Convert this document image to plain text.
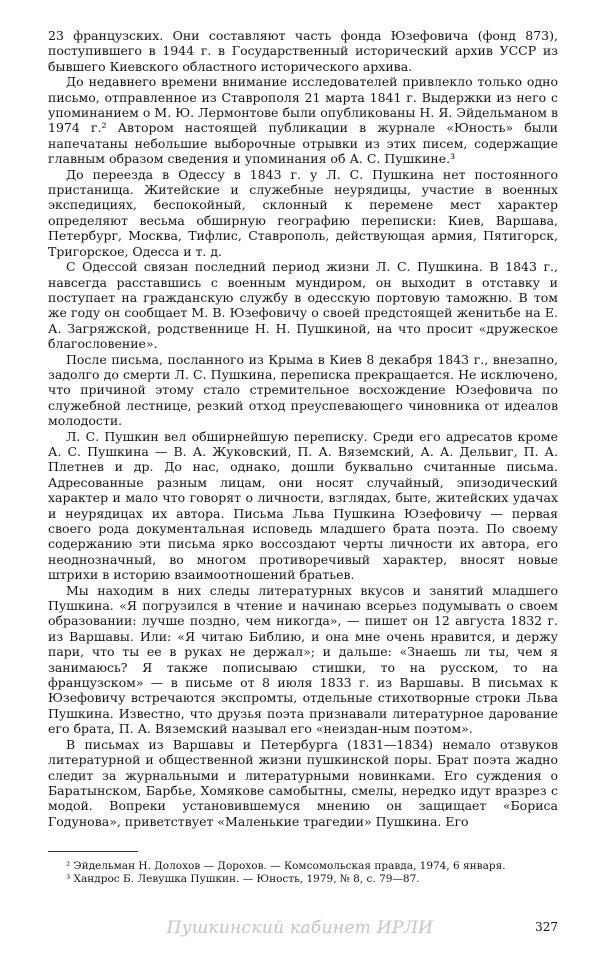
23 французских. Они составляют часть фонда Юзефовича (фонд 873), поступившего в 1944 г. в Государственный исторический архив УССР из бывшего Киевского областного исторического архива.

До недавнего времени внимание исследователей привлекло только одно письмо, отправленное из Ставрополя 21 марта 1841 г. Выдержки из него с упоминанием о М. Ю. Лермонтове были опубликованы Н. Я. Эйдельманом в 1974 г.² Автором настоящей публикации в журнале «Юность» были напечатаны небольшие выборочные отрывки из этих писем, содержащие главным образом сведения и упоминания об А. С. Пушкине.³

До переезда в Одессу в 1843 г. у Л. С. Пушкина нет постоянного пристанища. Житейские и служебные неурядицы, участие в военных экспедициях, беспокойный, склонный к перемене мест характер определяют весьма обширную географию переписки: Киев, Варшава, Петербург, Москва, Тифлис, Ставрополь, действующая армия, Пятигорск, Тригорское, Одесса и т. д.

С Одессой связан последний период жизни Л. С. Пушкина. В 1843 г., навсегда расставшись с военным мундиром, он выходит в отставку и поступает на гражданскую службу в одесскую портовую таможню. В том же году он сообщает М. В. Юзефовичу о своей предстоящей женитьбе на Е. А. Загряжской, родственнице Н. Н. Пушкиной, на что просит «дружеское благословение».

После письма, посланного из Крыма в Киев 8 декабря 1843 г., внезапно, задолго до смерти Л. С. Пушкина, переписка прекращается. Не исключено, что причиной этому стало стремительное восхождение Юзефовича по служебной лестнице, резкий отход преуспевающего чиновника от идеалов молодости.

Л. С. Пушкин вел обширнейшую переписку. Среди его адресатов кроме А. С. Пушкина — В. А. Жуковский, П. А. Вяземский, А. А. Дельвиг, П. А. Плетнев и др. До нас, однако, дошли буквально считанные письма. Адресованные разным лицам, они носят случайный, эпизодический характер и мало что говорят о личности, взглядах, быте, житейских удачах и неурядицах их автора. Письма Льва Пушкина Юзефовичу — первая своего рода документальная исповедь младшего брата поэта. По своему содержанию эти письма ярко воссоздают черты личности их автора, его неоднозначный, во многом противоречивый характер, вносят новые штрихи в историю взаимоотношений братьев.

Мы находим в них следы литературных вкусов и занятий младшего Пушкина. «Я погрузился в чтение и начинаю всерьез подумывать о своем образовании: лучше поздно, чем никогда», — пишет он 12 августа 1832 г. из Варшавы. Или: «Я читаю Библию, и она мне очень нравится, и держу пари, что ты ее в руках не держал»; и дальше: «Знаешь ли ты, чем я занимаюсь? Я также пописываю стишки, то на русском, то на французском» — в письме от 8 июля 1833 г. из Варшавы. В письмах к Юзефовичу встречаются экспромты, отдельные стихотворные строки Льва Пушкина. Известно, что друзья поэта признавали литературное дарование его брата, П. А. Вяземский называл его «неиздан-ным поэтом».

В письмах из Варшавы и Петербурга (1831—1834) немало отзвуков литературной и общественной жизни пушкинской поры. Брат поэта жадно следит за журнальными и литературными новинками. Его суждения о Баратынском, Барбье, Хомякове самобытны, смелы, нередко идут вразрез с модой. Вопреки установившемуся мнению он защищает «Бориса Годунова», приветствует «Маленькие трагедии» Пушкина. Его

² Эйдельман Н. Долохов — Дорохов. — Комсомольская правда, 1974, 6 января.

³ Хандрос Б. Левушка Пушкин. — Юность, 1979, № 8, с. 79—87.

Пушкинский кабинет ИРЛИ	327
